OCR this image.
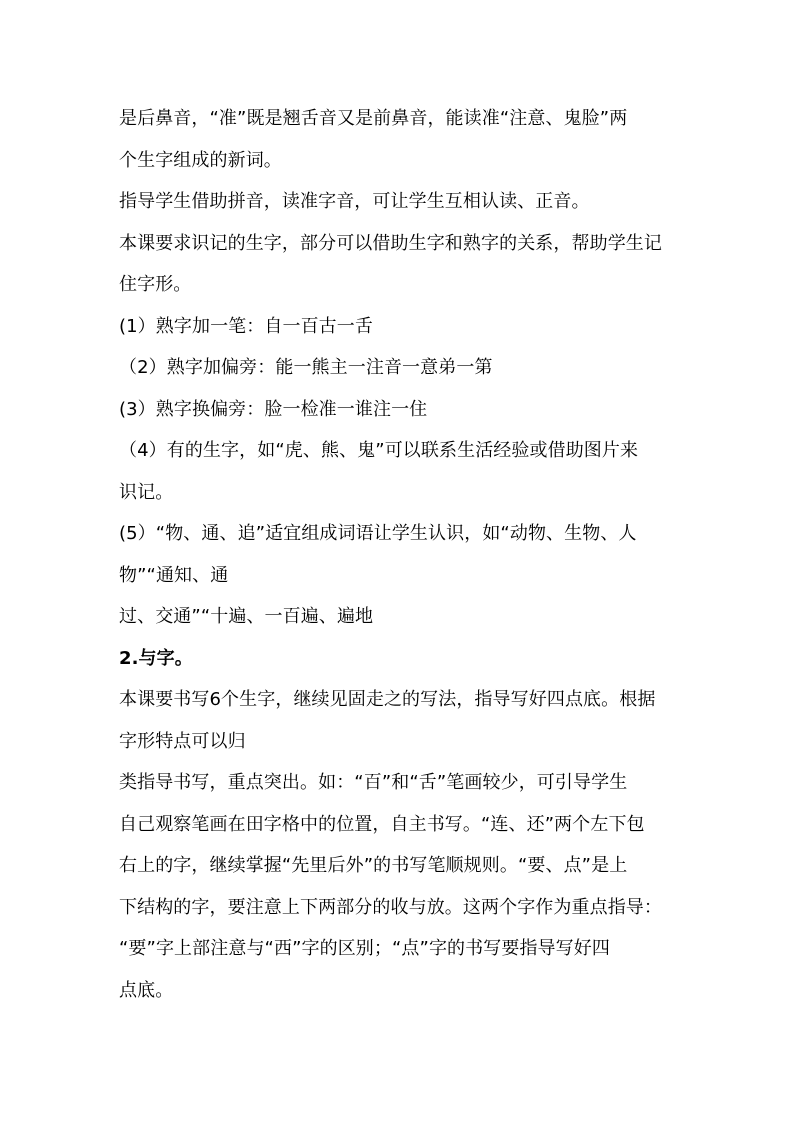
是后鼻音，“准”既是翘舌音又是前鼻音，能读准“注意、鬼脸”两
个生字组成的新词。
指导学生借助拼音，读准字音，可让学生互相认读、正音。
本课要求识记的生字，部分可以借助生字和熟字的关系，帮助学生记
住字形。
(1）熟字加一笔：自一百古一舌
（2）熟字加偏旁：能一熊主一注音一意弟一第
(3）熟字换偏旁：脸一检准一谁注一住
（4）有的生字，如“虎、熊、鬼”可以联系生活经验或借助图片来
识记。
(5）“物、通、追”适宜组成词语让学生认识，如“动物、生物、人
物”“通知、通
过、交通”“十遍、一百遍、遍地
2.与字。
本课要书写6个生字，继续见固走之的写法，指导写好四点底。根据
字形特点可以归
类指导书写，重点突出。如：“百”和“舌”笔画较少，可引导学生
自己观察笔画在田字格中的位置，自主书写。“连、还”两个左下包
右上的字，继续掌握“先里后外”的书写笔顺规则。“要、点”是上
下结构的字，要注意上下两部分的收与放。这两个字作为重点指导：
“要”字上部注意与“西”字的区别；“点”字的书写要指导写好四
点底。
